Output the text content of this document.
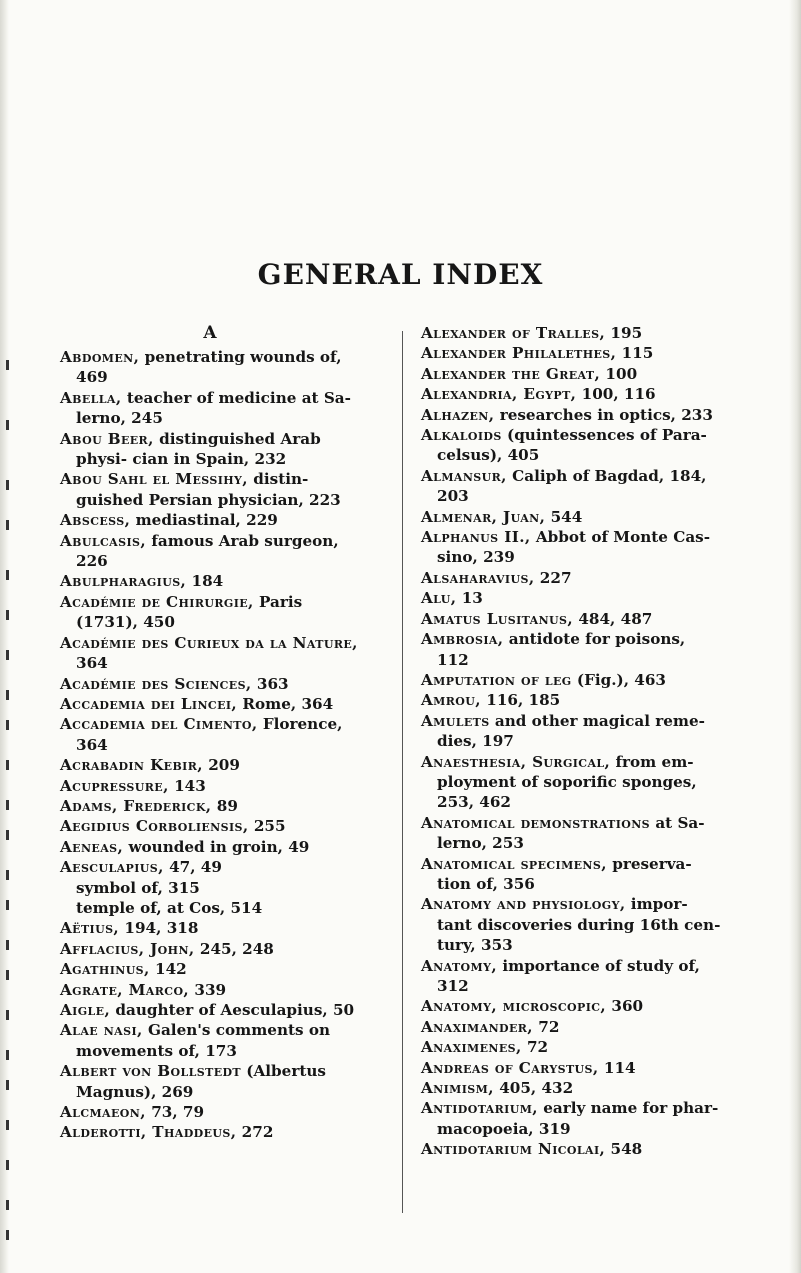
GENERAL INDEX
A

Abdomen, penetrating wounds of, 469

Abella, teacher of medicine at Sa- lerno, 245

Abou Beer, distinguished Arab physi- cian in Spain, 232

Abou Sahl el Messihy, distin- guished Persian physician, 223

Abscess, mediastinal, 229

Abulcasis, famous Arab surgeon, 226

Abulpharagius, 184

Académie de Chirurgie, Paris (1731), 450

Académie des Curieux da la Nature, 364

Académie des Sciences, 363

Accademia dei Lincei, Rome, 364

Accademia del Cimento, Florence, 364

Acrabadin Kebir, 209

Acupressure, 143

Adams, Frederick, 89

Aegidius Corboliensis, 255

Aeneas, wounded in groin, 49

Aesculapius, 47, 49

symbol of, 315

temple of, at Cos, 514

Aëtius, 194, 318

Afflacius, John, 245, 248

Agathinus, 142

Agrate, Marco, 339

Aigle, daughter of Aesculapius, 50

Alae nasi, Galen's comments on movements of, 173

Albert von Bollstedt (Albertus Magnus), 269

Alcmaeon, 73, 79

Alderotti, Thaddeus, 272

Alexander of Tralles, 195

Alexander Philalethes, 115

Alexander the Great, 100

Alexandria, Egypt, 100, 116

Alhazen, researches in optics, 233

Alkaloids (quintessences of Para- celsus), 405

Almansur, Caliph of Bagdad, 184, 203

Almenar, Juan, 544

Alphanus II., Abbot of Monte Cas- sino, 239

Alsaharavius, 227

Alu, 13

Amatus Lusitanus, 484, 487

Ambrosia, antidote for poisons, 112

Amputation of leg (Fig.), 463

Amrou, 116, 185

Amulets and other magical reme- dies, 197

Anaesthesia, Surgical, from em- ployment of soporific sponges, 253, 462

Anatomical demonstrations at Sa- lerno, 253

Anatomical specimens, preserva- tion of, 356

Anatomy and physiology, impor- tant discoveries during 16th cen- tury, 353

Anatomy, importance of study of, 312

Anatomy, microscopic, 360

Anaximander, 72

Anaximenes, 72

Andreas of Carystus, 114

Animism, 405, 432

Antidotarium, early name for phar- macopoeia, 319

Antidotarium Nicolai, 548
